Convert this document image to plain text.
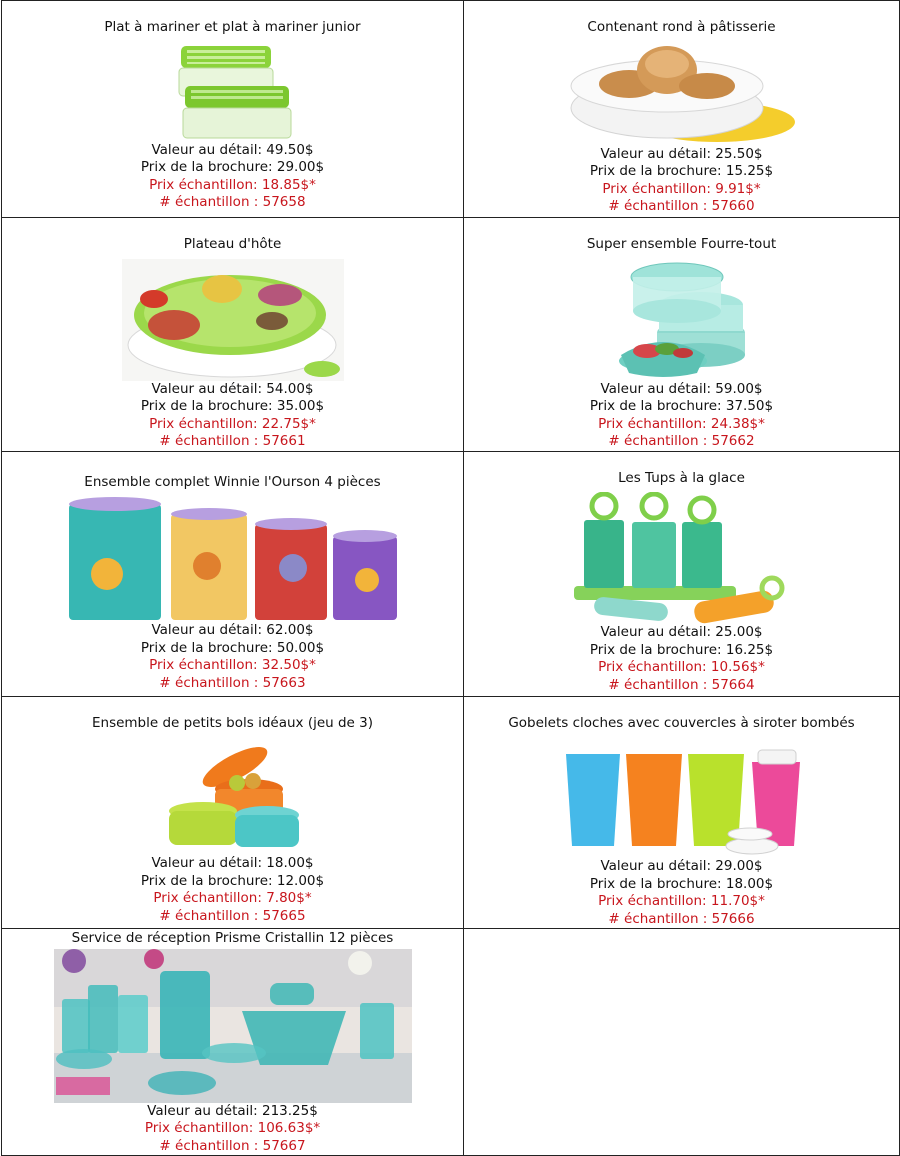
Plat à mariner et plat à mariner junior
Valeur au détail: 49.50$
Prix de la brochure: 29.00$
Prix échantillon: 18.85$*
# échantillon : 57658	Contenant rond à pâtisserie
Valeur au détail: 25.50$
Prix de la brochure: 15.25$
Prix échantillon: 9.91$*
# échantillon : 57660

Plateau d'hôte
Valeur au détail: 54.00$
Prix de la brochure: 35.00$
Prix échantillon: 22.75$*
# échantillon : 57661	Super ensemble Fourre-tout
Valeur au détail: 59.00$
Prix de la brochure: 37.50$
Prix échantillon: 24.38$*
# échantillon : 57662

Ensemble complet Winnie l'Ourson 4 pièces
Valeur au détail: 62.00$
Prix de la brochure: 50.00$
Prix échantillon: 32.50$*
# échantillon : 57663	Les Tups à la glace
Valeur au détail: 25.00$
Prix de la brochure: 16.25$
Prix échantillon: 10.56$*
# échantillon : 57664

Ensemble de petits bols idéaux (jeu de 3)
Valeur au détail: 18.00$
Prix de la brochure: 12.00$
Prix échantillon: 7.80$*
# échantillon : 57665	Gobelets cloches avec couvercles à siroter bombés
Valeur au détail: 29.00$
Prix de la brochure: 18.00$
Prix échantillon: 11.70$*
# échantillon : 57666

Service de réception Prisme Cristallin 12 pièces
Valeur au détail: 213.25$
Prix échantillon: 106.63$*
# échantillon : 57667	
